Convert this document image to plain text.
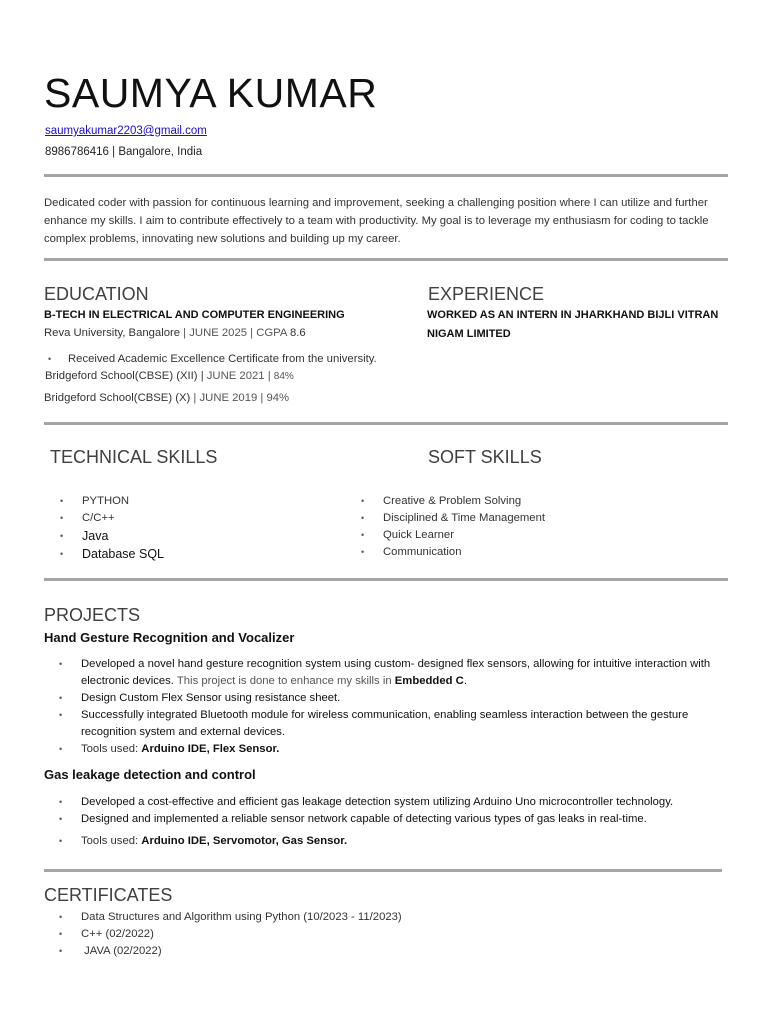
SAUMYA KUMAR
saumyakumar2203@gmail.com
8986786416 | Bangalore, India
Dedicated coder with passion for continuous learning and improvement, seeking a challenging position where I can utilize and further enhance my skills. I aim to contribute effectively to a team with productivity. My goal is to leverage my enthusiasm for coding to tackle complex problems, innovating new solutions and building up my career.
EDUCATION
B-TECH IN ELECTRICAL AND COMPUTER ENGINEERING
Reva University, Bangalore | JUNE 2025 | CGPA 8.6
• Received Academic Excellence Certificate from the university.
Bridgeford School(CBSE) (XII) | JUNE 2021 | 84%
Bridgeford School(CBSE) (X) | JUNE 2019 | 94%
EXPERIENCE
WORKED AS AN INTERN IN JHARKHAND BIJLI VITRAN
NIGAM LIMITED
TECHNICAL SKILLS
• PYTHON
• C/C++
• Java
• Database SQL
SOFT SKILLS
• Creative & Problem Solving
• Disciplined & Time Management
• Quick Learner
• Communication
PROJECTS
Hand Gesture Recognition and Vocalizer
• Developed a novel hand gesture recognition system using custom- designed flex sensors, allowing for intuitive interaction with electronic devices. This project is done to enhance my skills in Embedded C.
• Design Custom Flex Sensor using resistance sheet.
• Successfully integrated Bluetooth module for wireless communication, enabling seamless interaction between the gesture recognition system and external devices.
• Tools used: Arduino IDE, Flex Sensor.
Gas leakage detection and control
• Developed a cost-effective and efficient gas leakage detection system utilizing Arduino Uno microcontroller technology.
• Designed and implemented a reliable sensor network capable of detecting various types of gas leaks in real-time.
• Tools used: Arduino IDE, Servomotor, Gas Sensor.
CERTIFICATES
• Data Structures and Algorithm using Python (10/2023 - 11/2023)
• C++ (02/2022)
•  JAVA (02/2022)
